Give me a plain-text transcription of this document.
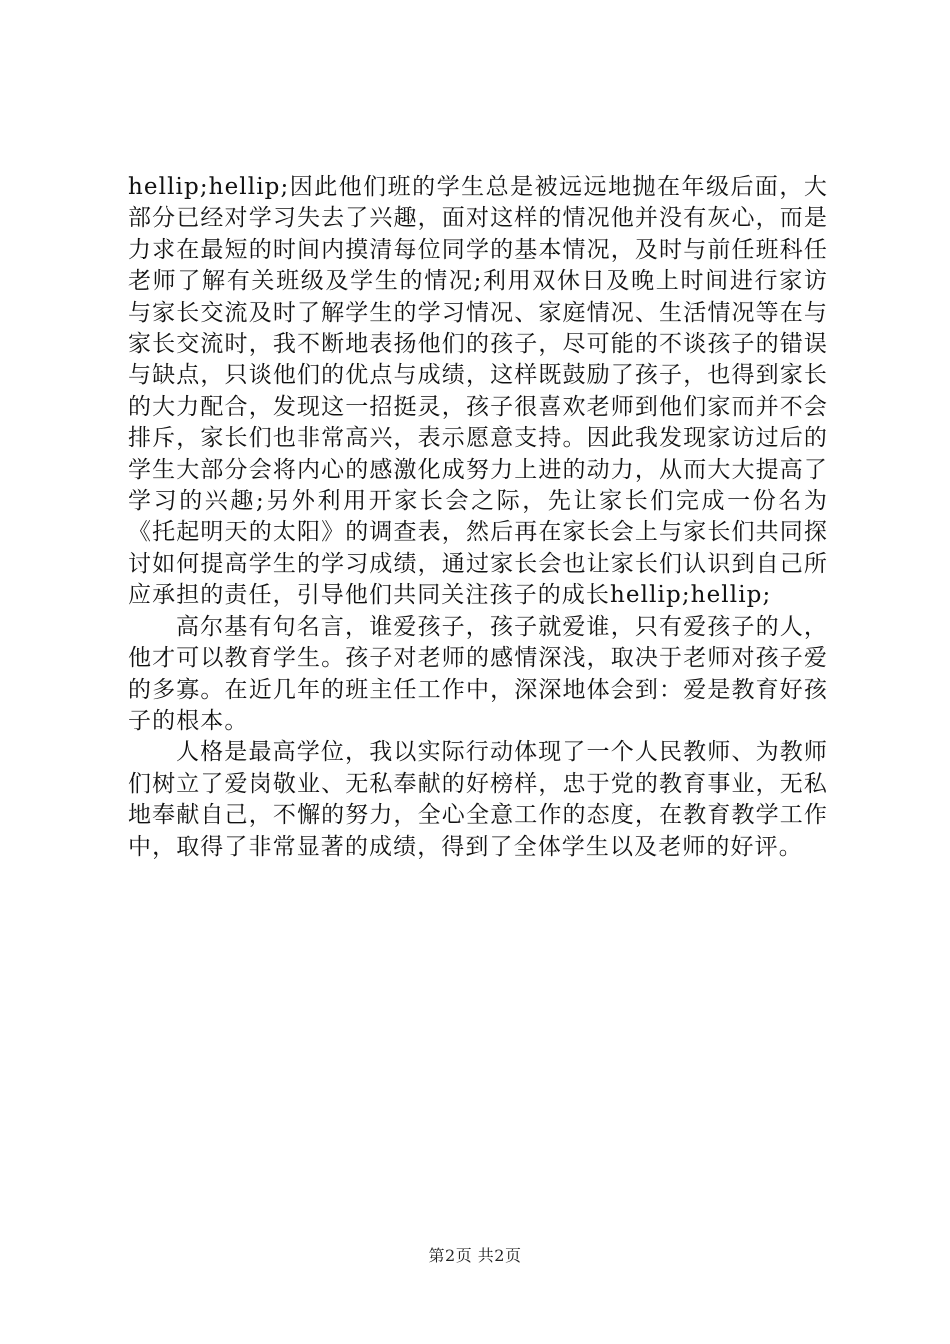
hellip;hellip;因此他们班的学生总是被远远地抛在年级后面，大部分已经对学习失去了兴趣，面对这样的情况他并没有灰心，而是力求在最短的时间内摸清每位同学的基本情况，及时与前任班科任老师了解有关班级及学生的情况;利用双休日及晚上时间进行家访与家长交流及时了解学生的学习情况、家庭情况、生活情况等在与家长交流时，我不断地表扬他们的孩子，尽可能的不谈孩子的错误与缺点，只谈他们的优点与成绩，这样既鼓励了孩子，也得到家长的大力配合，发现这一招挺灵，孩子很喜欢老师到他们家而并不会排斥，家长们也非常高兴，表示愿意支持。因此我发现家访过后的学生大部分会将内心的感激化成努力上进的动力，从而大大提高了学习的兴趣;另外利用开家长会之际，先让家长们完成一份名为《托起明天的太阳》的调查表，然后再在家长会上与家长们共同探讨如何提高学生的学习成绩，通过家长会也让家长们认识到自己所应承担的责任，引导他们共同关注孩子的成长hellip;hellip;

高尔基有句名言，谁爱孩子，孩子就爱谁，只有爱孩子的人，他才可以教育学生。孩子对老师的感情深浅，取决于老师对孩子爱的多寡。在近几年的班主任工作中，深深地体会到：爱是教育好孩子的根本。

人格是最高学位，我以实际行动体现了一个人民教师、为教师们树立了爱岗敬业、无私奉献的好榜样，忠于党的教育事业，无私地奉献自己，不懈的努力，全心全意工作的态度，在教育教学工作中，取得了非常显著的成绩，得到了全体学生以及老师的好评。

第2页 共2页
